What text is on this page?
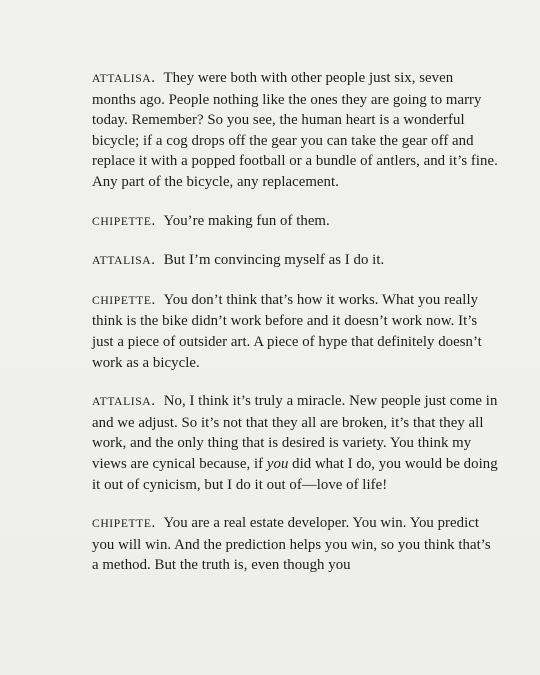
ATTALISA. They were both with other people just six, seven months ago. People nothing like the ones they are going to marry today. Remember? So you see, the human heart is a wonderful bicycle; if a cog drops off the gear you can take the gear off and replace it with a popped football or a bundle of antlers, and it’s fine. Any part of the bicycle, any replacement.

CHIPETTE. You’re making fun of them.

ATTALISA. But I’m convincing myself as I do it.

CHIPETTE. You don’t think that’s how it works. What you really think is the bike didn’t work before and it doesn’t work now. It’s just a piece of outsider art. A piece of hype that definitely doesn’t work as a bicycle.

ATTALISA. No, I think it’s truly a miracle. New people just come in and we adjust. So it’s not that they all are broken, it’s that they all work, and the only thing that is desired is variety. You think my views are cynical because, if you did what I do, you would be doing it out of cynicism, but I do it out of—love of life!

CHIPETTE. You are a real estate developer. You win. You predict you will win. And the prediction helps you win, so you think that’s a method. But the truth is, even though you
